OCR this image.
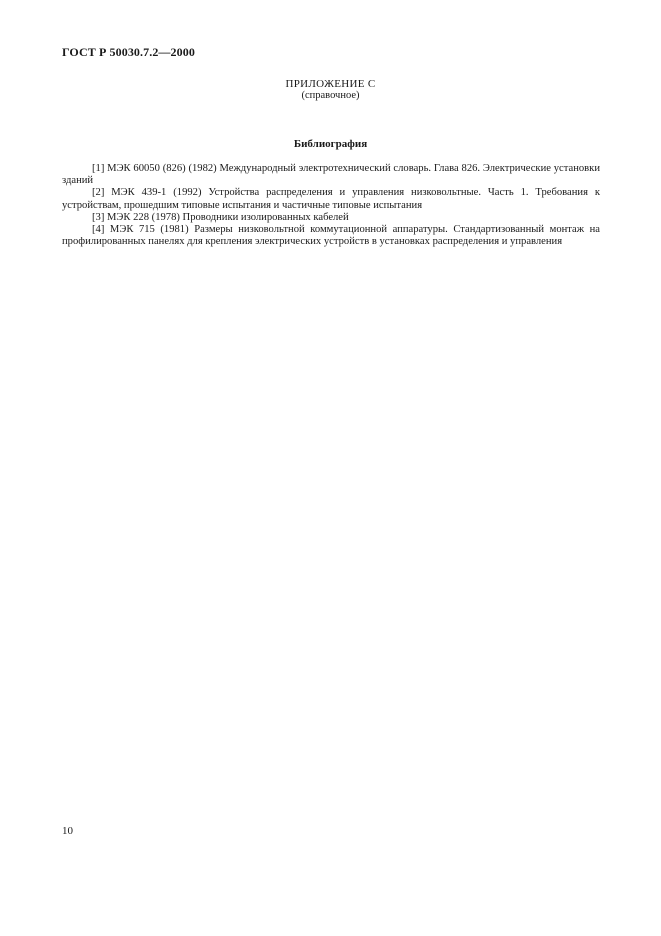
ГОСТ Р 50030.7.2—2000
ПРИЛОЖЕНИЕ С
(справочное)
Библиография

[1] МЭК 60050 (826) (1982) Международный электротехнический словарь. Глава 826. Электрические установки зданий

[2] МЭК 439-1 (1992) Устройства распределения и управления низковольтные. Часть 1. Требования к устройствам, прошедшим типовые испытания и частичные типовые испытания

[3] МЭК 228 (1978) Проводники изолированных кабелей

[4] МЭК 715 (1981) Размеры низковольтной коммутационной аппаратуры. Стандартизованный монтаж на профилированных панелях для крепления электрических устройств в установках распределения и управления

10
